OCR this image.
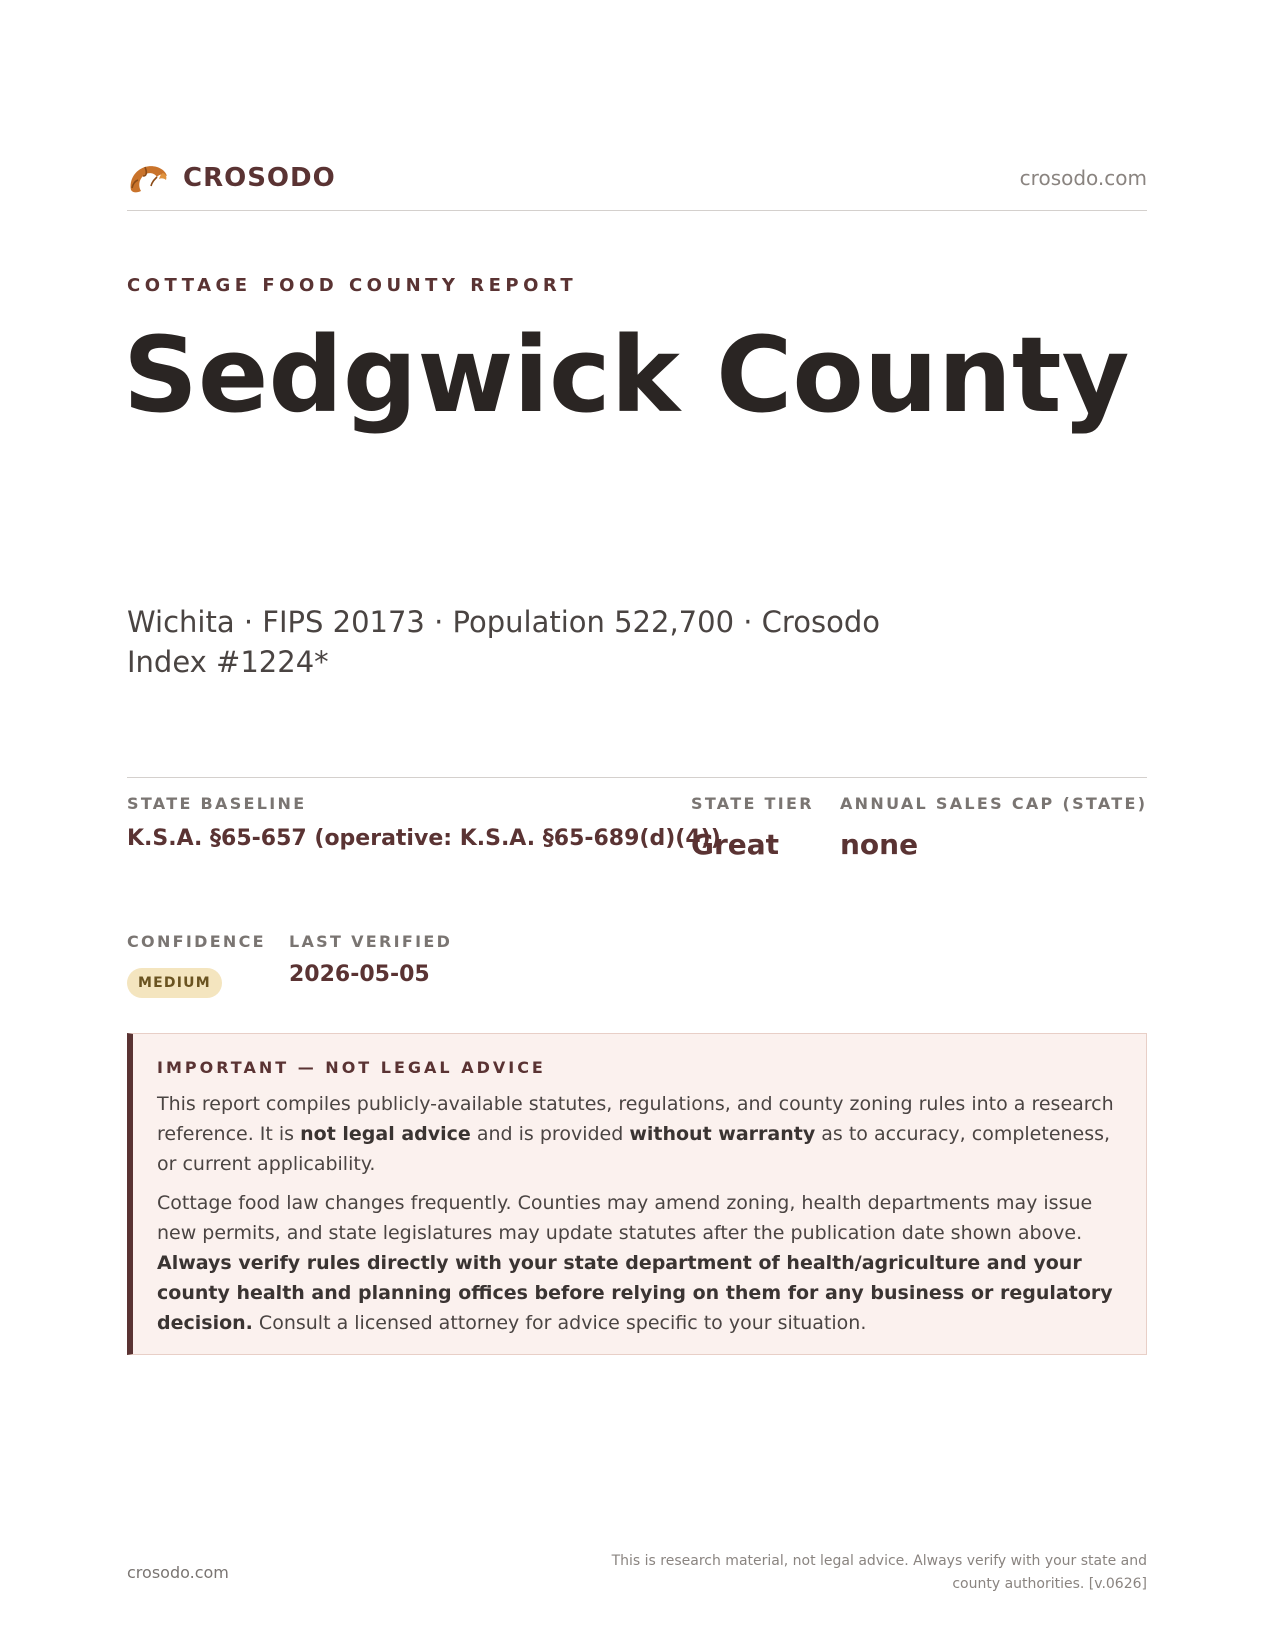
CROSODO	crosodo.com
COTTAGE FOOD COUNTY REPORT
Sedgwick County
Wichita · FIPS 20173 · Population 522,700 · Crosodo Index #1224*
STATE BASELINE
K.S.A. §65-657 (operative: K.S.A. §65-689(d)(4))
STATE TIER
Great
ANNUAL SALES CAP (STATE)
none
CONFIDENCE
MEDIUM
LAST VERIFIED
2026-05-05
IMPORTANT — NOT LEGAL ADVICE

This report compiles publicly-available statutes, regulations, and county zoning rules into a research reference. It is not legal advice and is provided without warranty as to accuracy, completeness, or current applicability.

Cottage food law changes frequently. Counties may amend zoning, health departments may issue new permits, and state legislatures may update statutes after the publication date shown above. Always verify rules directly with your state department of health/agriculture and your county health and planning offices before relying on them for any business or regulatory decision. Consult a licensed attorney for advice specific to your situation.

crosodo.com
This is research material, not legal advice. Always verify with your state and county authorities. [v.0626]
